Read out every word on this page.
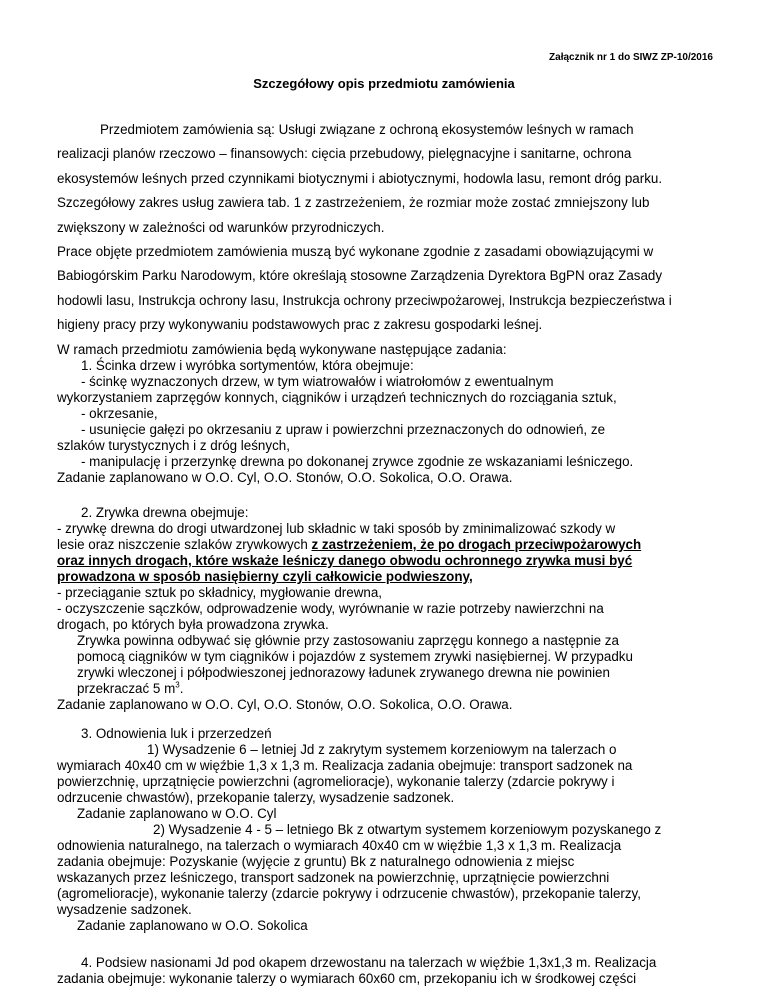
Załącznik nr 1 do SIWZ ZP-10/2016
Szczegółowy opis przedmiotu zamówienia

Przedmiotem zamówienia są: Usługi związane z ochroną ekosystemów leśnych w ramach

realizacji planów rzeczowo – finansowych: cięcia przebudowy, pielęgnacyjne i sanitarne, ochrona

ekosystemów leśnych przed czynnikami biotycznymi i abiotycznymi, hodowla lasu, remont dróg parku.

Szczegółowy zakres usług zawiera tab. 1 z zastrzeżeniem, że rozmiar może zostać zmniejszony lub

zwiększony w zależności od warunków przyrodniczych.

Prace objęte przedmiotem zamówienia muszą być wykonane zgodnie z zasadami obowiązującymi w

Babiogórskim Parku Narodowym, które określają stosowne Zarządzenia Dyrektora BgPN oraz Zasady

hodowli lasu, Instrukcja ochrony lasu, Instrukcja ochrony przeciwpożarowej, Instrukcja bezpieczeństwa i

higieny pracy przy wykonywaniu podstawowych prac z zakresu gospodarki leśnej.

W ramach przedmiotu zamówienia będą wykonywane następujące zadania:

1. Ścinka drzew i wyróbka sortymentów, która obejmuje:

- ścinkę wyznaczonych drzew, w tym wiatrowałów i wiatrołomów z ewentualnym

wykorzystaniem zaprzęgów konnych, ciągników i urządzeń technicznych do rozciągania sztuk,

- okrzesanie,

- usunięcie gałęzi po okrzesaniu z upraw i powierzchni przeznaczonych do odnowień, ze

szlaków turystycznych i z dróg leśnych,

- manipulację i przerzynkę drewna po dokonanej zrywce zgodnie ze wskazaniami leśniczego.

Zadanie zaplanowano w O.O. Cyl, O.O. Stonów, O.O. Sokolica, O.O. Orawa.

2. Zrywka drewna obejmuje:

- zrywkę drewna do drogi utwardzonej lub składnic w taki sposób by zminimalizować szkody w

lesie oraz niszczenie szlaków zrywkowych z zastrzeżeniem, że po drogach przeciwpożarowych

oraz innych drogach, które wskaże leśniczy danego obwodu ochronnego zrywka musi być

prowadzona w sposób nasiębierny czyli całkowicie podwieszony,

- przeciąganie sztuk po składnicy, mygłowanie drewna,

- oczyszczenie sączków, odprowadzenie wody, wyrównanie w razie potrzeby nawierzchni na

drogach, po których była prowadzona zrywka.

Zrywka powinna odbywać się głównie przy zastosowaniu zaprzęgu konnego a następnie za

pomocą ciągników w tym ciągników i pojazdów z systemem zrywki nasiębiernej. W przypadku

zrywki wleczonej i półpodwieszonej jednorazowy ładunek zrywanego drewna nie powinien

przekraczać 5 $m^3$.

Zadanie zaplanowano w O.O. Cyl, O.O. Stonów, O.O. Sokolica, O.O. Orawa.

3. Odnowienia luk i przerzedzeń

1) Wysadzenie 6 – letniej Jd z zakrytym systemem korzeniowym na talerzach o

wymiarach 40x40 cm w więźbie 1,3 x 1,3 m. Realizacja zadania obejmuje: transport sadzonek na

powierzchnię, uprzątnięcie powierzchni (agromelioracje), wykonanie talerzy (zdarcie pokrywy i

odrzucenie chwastów), przekopanie talerzy, wysadzenie sadzonek.

Zadanie zaplanowano w O.O. Cyl

2) Wysadzenie 4 - 5 – letniego Bk z otwartym systemem korzeniowym pozyskanego z

odnowienia naturalnego, na talerzach o wymiarach 40x40 cm w więźbie 1,3 x 1,3 m. Realizacja

zadania obejmuje: Pozyskanie (wyjęcie z gruntu) Bk z naturalnego odnowienia z miejsc

wskazanych przez leśniczego, transport sadzonek na powierzchnię, uprzątnięcie powierzchni

(agromelioracje), wykonanie talerzy (zdarcie pokrywy i odrzucenie chwastów), przekopanie talerzy,

wysadzenie sadzonek.

Zadanie zaplanowano w O.O. Sokolica

4. Podsiew nasionami Jd pod okapem drzewostanu na talerzach w więźbie 1,3x1,3 m. Realizacja

zadania obejmuje: wykonanie talerzy o wymiarach 60x60 cm, przekopaniu ich w środkowej części
